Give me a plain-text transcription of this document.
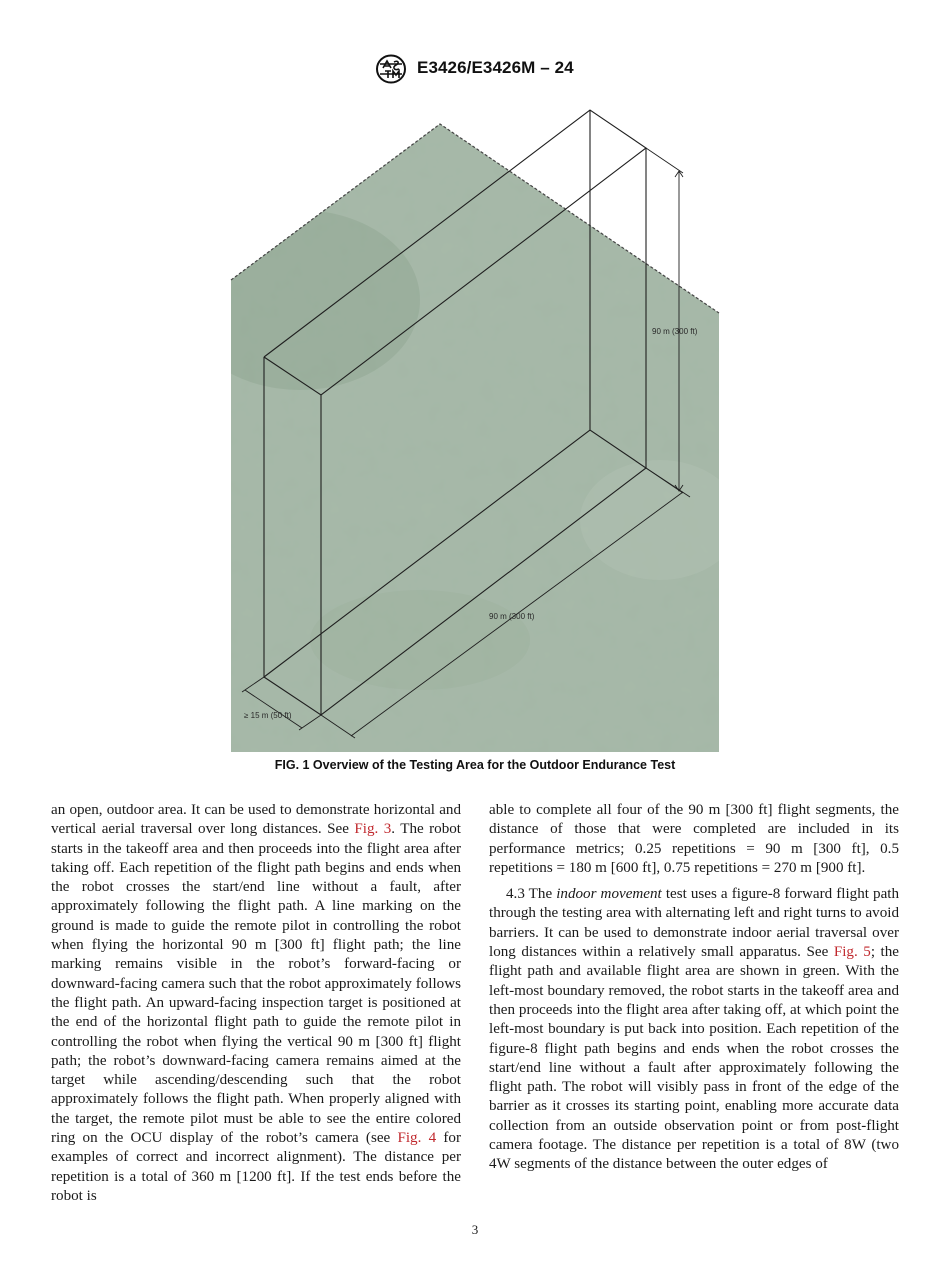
E3426/E3426M – 24
90 m (300 ft)
90 m (300 ft)
≥ 15 m (50 ft)
FIG. 1 Overview of the Testing Area for the Outdoor Endurance Test

an open, outdoor area. It can be used to demonstrate horizontal and vertical aerial traversal over long distances. See Fig. 3. The robot starts in the takeoff area and then proceeds into the flight area after taking off. Each repetition of the flight path begins and ends when the robot crosses the start/end line without a fault, after approximately following the flight path. A line marking on the ground is made to guide the remote pilot in controlling the robot when flying the horizontal 90 m [300 ft] flight path; the line marking remains visible in the robot’s forward-facing or downward-facing camera such that the robot approximately follows the flight path. An upward-facing inspection target is positioned at the end of the horizontal flight path to guide the remote pilot in controlling the robot when flying the vertical 90 m [300 ft] flight path; the robot’s downward-facing camera remains aimed at the target while ascending/descending such that the robot approximately follows the flight path. When properly aligned with the target, the remote pilot must be able to see the entire colored ring on the OCU display of the robot’s camera (see Fig. 4 for examples of correct and incorrect alignment). The distance per repetition is a total of 360 m [1200 ft]. If the test ends before the robot is

able to complete all four of the 90 m [300 ft] flight segments, the distance of those that were completed are included in its performance metrics; 0.25 repetitions = 90 m [300 ft], 0.5 repetitions = 180 m [600 ft], 0.75 repetitions = 270 m [900 ft].

4.3 The indoor movement test uses a figure-8 forward flight path through the testing area with alternating left and right turns to avoid barriers. It can be used to demonstrate indoor aerial traversal over long distances within a relatively small apparatus. See Fig. 5; the flight path and available flight area are shown in green. With the left-most boundary removed, the robot starts in the takeoff area and then proceeds into the flight area after taking off, at which point the left-most boundary is put back into position. Each repetition of the figure-8 flight path begins and ends when the robot crosses the start/end line without a fault after approximately following the flight path. The robot will visibly pass in front of the edge of the barrier as it crosses its starting point, enabling more accurate data collection from an outside observation point or from post-flight camera footage. The distance per repetition is a total of 8W (two 4W segments of the distance between the outer edges of

3
